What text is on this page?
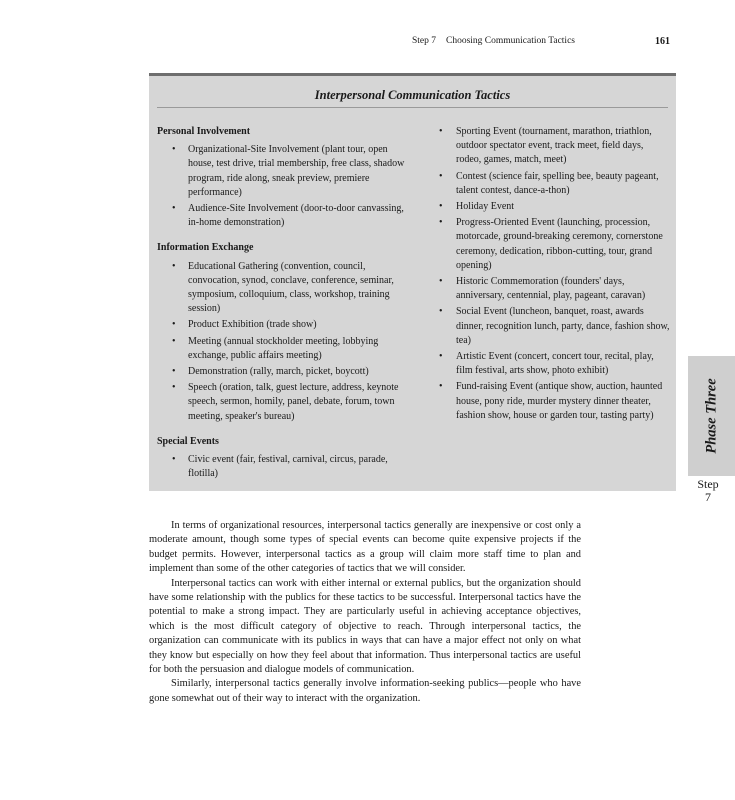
Step 7 Choosing Communication Tactics	161
Interpersonal Communication Tactics
Personal Involvement
• Organizational-Site Involvement (plant tour, open house, test drive, trial membership, free class, shadow program, ride along, sneak preview, premiere performance)
• Audience-Site Involvement (door-to-door canvassing, in-home demonstration)
Information Exchange
• Educational Gathering (convention, council, convocation, synod, conclave, conference, seminar, symposium, colloquium, class, workshop, training session)
• Product Exhibition (trade show)
• Meeting (annual stockholder meeting, lobbying exchange, public affairs meeting)
• Demonstration (rally, march, picket, boycott)
• Speech (oration, talk, guest lecture, address, keynote speech, sermon, homily, panel, debate, forum, town meeting, speaker's bureau)
Special Events
• Civic event (fair, festival, carnival, circus, parade, flotilla)
• Sporting Event (tournament, marathon, triathlon, outdoor spectator event, track meet, field days, rodeo, games, match, meet)
• Contest (science fair, spelling bee, beauty pageant, talent contest, dance-a-thon)
• Holiday Event
• Progress-Oriented Event (launching, procession, motorcade, ground-breaking ceremony, cornerstone ceremony, dedication, ribbon-cutting, tour, grand opening)
• Historic Commemoration (founders' days, anniversary, centennial, play, pageant, caravan)
• Social Event (luncheon, banquet, roast, awards dinner, recognition lunch, party, dance, fashion show, tea)
• Artistic Event (concert, concert tour, recital, play, film festival, arts show, photo exhibit)
• Fund-raising Event (antique show, auction, haunted house, pony ride, murder mystery dinner theater, fashion show, house or garden tour, tasting party)	Phase Three
Step
7

In terms of organizational resources, interpersonal tactics generally are inexpensive or cost only a moderate amount, though some types of special events can become quite expensive projects if the budget permits. However, interpersonal tactics as a group will claim more staff time to plan and implement than some of the other categories of tactics that we will consider.

Interpersonal tactics can work with either internal or external publics, but the organization should have some relationship with the publics for these tactics to be successful. Interpersonal tactics have the potential to make a strong impact. They are particularly useful in achieving acceptance objectives, which is the most difficult category of objective to reach. Through interpersonal tactics, the organization can communicate with its publics in ways that can have a major effect not only on what they know but especially on how they feel about that information. Thus interpersonal tactics are useful for both the persuasion and dialogue models of communication.

Similarly, interpersonal tactics generally involve information-seeking publics—people who have gone somewhat out of their way to interact with the organization.
